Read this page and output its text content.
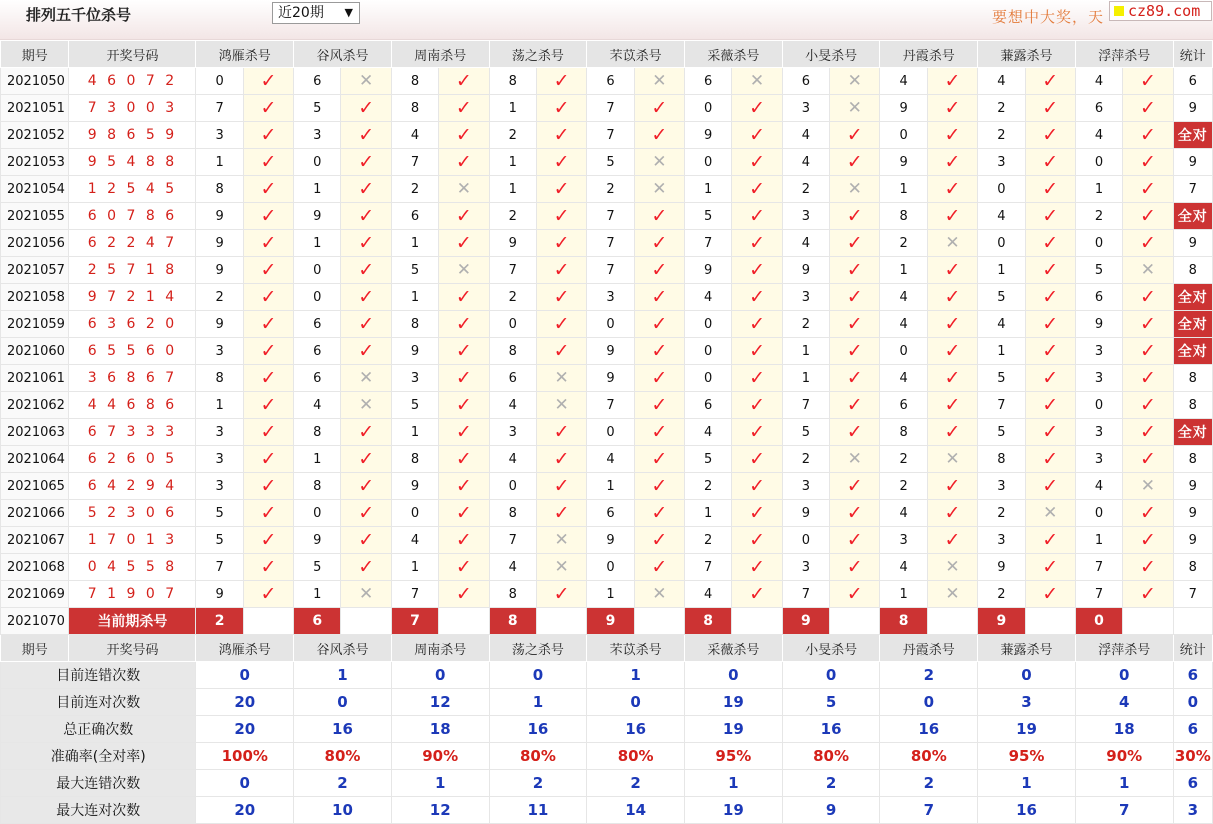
排列五千位杀号	近20期 ▼	要想中大奖，天	cz89.com
期号	开奖号码	鸿雁杀号		谷风杀号		周南杀号		荡之杀号		芣苡杀号		采薇杀号		小旻杀号		丹霞杀号		蒹露杀号		浮萍杀号		统计
2021050	4 6 0 7 2	0	✓	6	✕	8	✓	8	✓	6	✕	6	✕	6	✕	4	✓	4	✓	4	✓	6
2021051	7 3 0 0 3	7	✓	5	✓	8	✓	1	✓	7	✓	0	✓	3	✕	9	✓	2	✓	6	✓	9
2021052	9 8 6 5 9	3	✓	3	✓	4	✓	2	✓	7	✓	9	✓	4	✓	0	✓	2	✓	4	✓	全对
2021053	9 5 4 8 8	1	✓	0	✓	7	✓	1	✓	5	✕	0	✓	4	✓	9	✓	3	✓	0	✓	9
2021054	1 2 5 4 5	8	✓	1	✓	2	✕	1	✓	2	✕	1	✓	2	✕	1	✓	0	✓	1	✓	7
2021055	6 0 7 8 6	9	✓	9	✓	6	✓	2	✓	7	✓	5	✓	3	✓	8	✓	4	✓	2	✓	全对
2021056	6 2 2 4 7	9	✓	1	✓	1	✓	9	✓	7	✓	7	✓	4	✓	2	✕	0	✓	0	✓	9
2021057	2 5 7 1 8	9	✓	0	✓	5	✕	7	✓	7	✓	9	✓	9	✓	1	✓	1	✓	5	✕	8
2021058	9 7 2 1 4	2	✓	0	✓	1	✓	2	✓	3	✓	4	✓	3	✓	4	✓	5	✓	6	✓	全对
2021059	6 3 6 2 0	9	✓	6	✓	8	✓	0	✓	0	✓	0	✓	2	✓	4	✓	4	✓	9	✓	全对
2021060	6 5 5 6 0	3	✓	6	✓	9	✓	8	✓	9	✓	0	✓	1	✓	0	✓	1	✓	3	✓	全对
2021061	3 6 8 6 7	8	✓	6	✕	3	✓	6	✕	9	✓	0	✓	1	✓	4	✓	5	✓	3	✓	8
2021062	4 4 6 8 6	1	✓	4	✕	5	✓	4	✕	7	✓	6	✓	7	✓	6	✓	7	✓	0	✓	8
2021063	6 7 3 3 3	3	✓	8	✓	1	✓	3	✓	0	✓	4	✓	5	✓	8	✓	5	✓	3	✓	全对
2021064	6 2 6 0 5	3	✓	1	✓	8	✓	4	✓	4	✓	5	✓	2	✕	2	✕	8	✓	3	✓	8
2021065	6 4 2 9 4	3	✓	8	✓	9	✓	0	✓	1	✓	2	✓	3	✓	2	✓	3	✓	4	✕	9
2021066	5 2 3 0 6	5	✓	0	✓	0	✓	8	✓	6	✓	1	✓	9	✓	4	✓	2	✕	0	✓	9
2021067	1 7 0 1 3	5	✓	9	✓	4	✓	7	✕	9	✓	2	✓	0	✓	3	✓	3	✓	1	✓	9
2021068	0 4 5 5 8	7	✓	5	✓	1	✓	4	✕	0	✓	7	✓	3	✓	4	✕	9	✓	7	✓	8
2021069	7 1 9 0 7	9	✓	1	✕	7	✓	8	✓	1	✕	4	✓	7	✓	1	✕	2	✓	7	✓	7
2021070	当前期杀号	2		6		7		8		9		8		9		8		9		0		
期号	开奖号码	鸿雁杀号		谷风杀号		周南杀号		荡之杀号		芣苡杀号		采薇杀号		小旻杀号		丹霞杀号		蒹露杀号		浮萍杀号		统计
目前连错次数		0		1		0		0		1		0		0		2		0		0		6
目前连对次数		20		0		12		1		0		19		5		0		3		4		0
总正确次数		20		16		18		16		16		19		16		16		19		18		6
准确率(全对率)		100%		80%		90%		80%		80%		95%		80%		80%		95%		90%		30%
最大连错次数		0		2		1		2		2		1		2		2		1		1		6
最大连对次数		20		10		12		11		14		19		9		7		16		7		3
